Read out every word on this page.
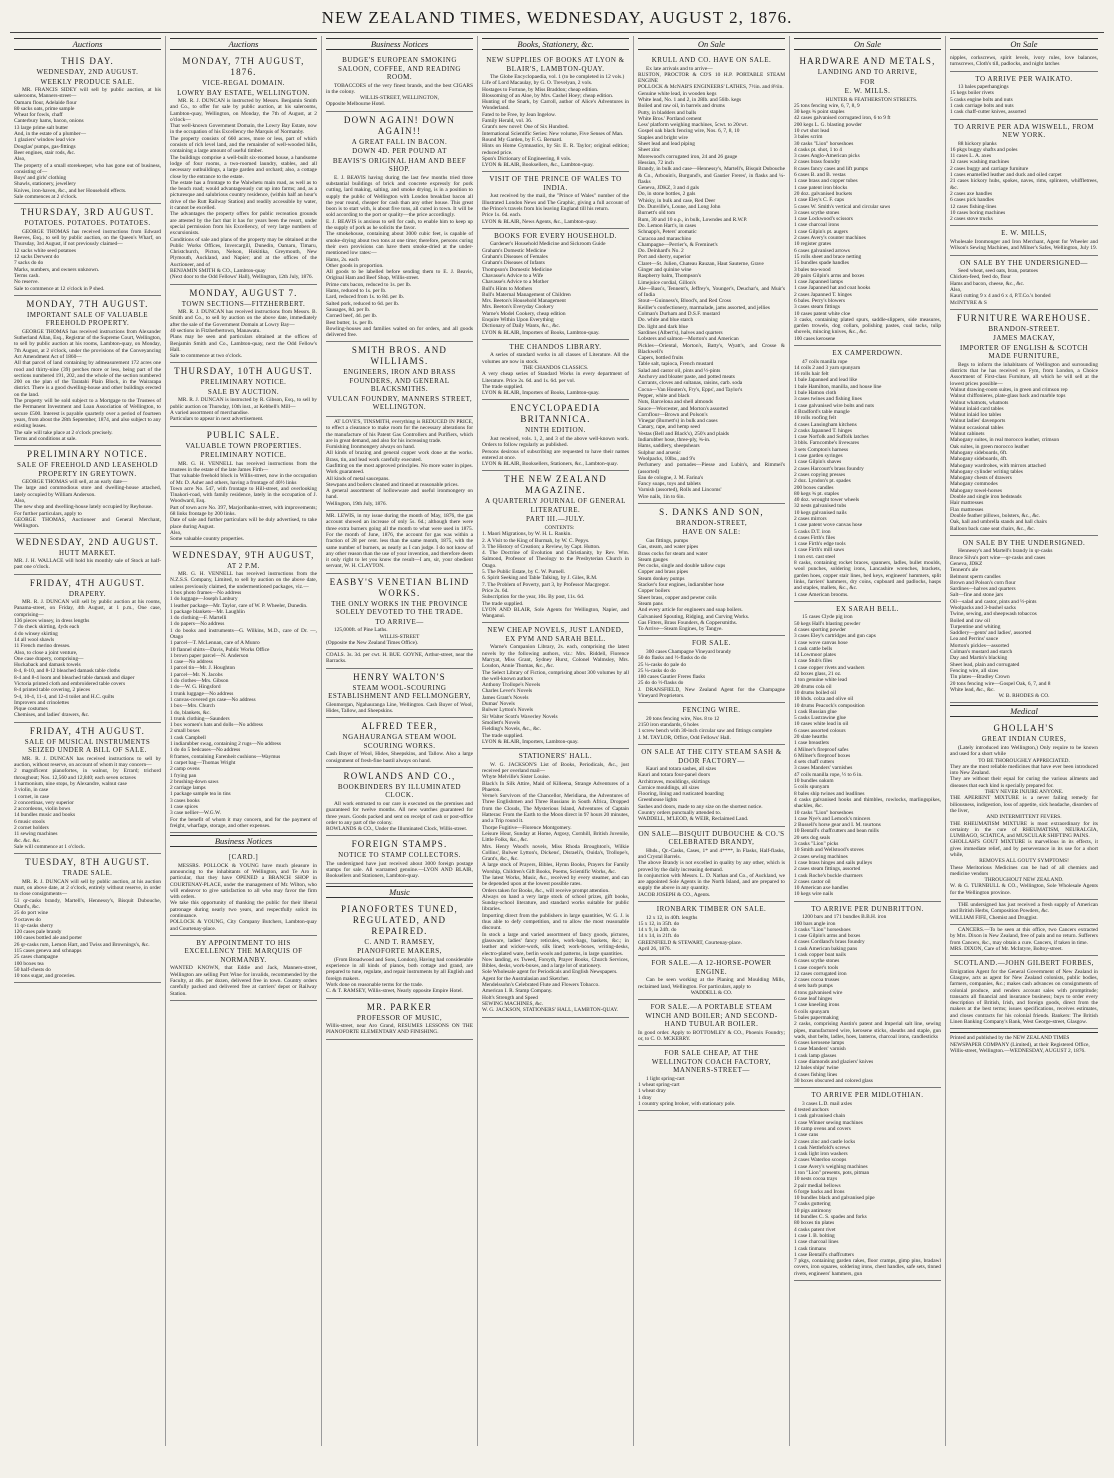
NEW ZEALAND TIMES, WEDNESDAY, AUGUST 2, 1876.
Auctions

THIS DAY.

WEDNESDAY, 2ND AUGUST.

WEEKLY PRODUCE SALE.

MR. FRANCIS SIDEY will sell by public auction, at his salerooms, Manners-street—

Oamaru flour, Adelaide flour

80 sacks oats, prime sample

Wheat for fowls, chaff

Canterbury hams, bacon, onions

13 large prime salt butter

And, in the estate of a plumber—

1 glaziers' window lead vice

Douglas' pumps, gas-fittings

Beer engines, stair rods, &c.

Also,

The property of a small storekeeper, who has gone out of business, consisting of—

Boys' and girls' clothing

Shawls, stationery, jewellery

Knives, iron-haven, &c., and her Household effects.

Sale commences at 2 o'clock.

THURSDAY, 3RD AUGUST.

POTATOES. POTATOES. POTATOES.

GEORGE THOMAS has received instructions from Edward Reeves, Esq., to sell by public auction, on the Queen's Wharf, on Thursday, 3rd August, if not previously claimed—

12 sacks white seed potatoes

12 sacks Derwent do

7 sacks do do

Marks, numbers, and owners unknown.

Terms cash.

No reserve.

Sale to commence at 12 o'clock in P shed.

MONDAY, 7TH AUGUST.

IMPORTANT SALE OF VALUABLE FREEHOLD PROPERTY.

GEORGE THOMAS has received instructions from Alexander Sutherland Allan, Esq., Registrar of the Supreme Court, Wellington, to sell by public auction at his rooms, Lambton-quay, on Monday, 7th August, at 2 o'clock, under the provisions of the Conveyancing Act Amendment Act of 1860—

All that parcel of land containing by admeasurement 172 acres one rood and thirty-nine (39) perches more or less, being part of the sections numbered 191, 202, and the whole of the section numbered 200 on the plan of the Taratahi Plain Block, in the Wairarapa district. There is a good dwelling-house and other buildings erected on the land.

The property will be sold subject to a Mortgage to the Trustees of the Permanent Investment and Loan Association of Wellington, to secure £500. Interest is payable quarterly over a period of fourteen years, from about the 28th September, 1874, and also subject to any existing leases.

The sale will take place at 2 o'clock precisely.

Terms and conditions at sale.

PRELIMINARY NOTICE.

SALE OF FREEHOLD AND LEASEHOLD PROPERTY IN GREYTOWN.

GEORGE THOMAS will sell, at an early date—

The large and commodious store and dwelling-house attached, lately occupied by William Anderson.

Also,

The new shop and dwelling-house lately occupied by Reyhouse.

For further particulars, apply to

GEORGE THOMAS, Auctioneer and General Merchant, Wellington.

WEDNESDAY, 2ND AUGUST.

HUTT MARKET.

MR. J. H. WALLACE will hold his monthly sale of Stock at half-past one o'clock.

FRIDAY, 4TH AUGUST.

DRAPERY.

MR. R. J. DUNCAN will sell by public auction at his rooms, Panama-street, on Friday, 4th August, at 1 p.m., One case, comprising—

136 pieces winsey, in dress lengths

7 do check skirting, 4yds each

4 do winsey skirting

14 all wool shawls

11 French merino dresses.

Also, to close a joint venture,

One case drapery, comprising—

Huckaback and damask towels

8-4, 8-10, and 8-12 bleached damask table cloths

8-4 and 8-4 loom and bleached table damask and diaper

Victoria printed cloth and embroidered table covers

8-4 printed table covering, 2 pieces

9-4, 10-4, 11-4, and 12-4 toilet and H.C. quilts

Improvers and crinolettes

Pique costumes

Chemises, and ladies' drawers, &c.

FRIDAY, 4TH AUGUST.

SALE OF MUSICAL INSTRUMENTS SEIZED UNDER A BILL OF SALE.

MR. R. J. DUNCAN has received instructions to sell by auction, without reserve, on account of whom it may concern—

2 magnificent pianofortes, in walnut, by Errard; trichord throughout; Nos. 12,560 and 12,840; each seven octaves

1 harmonium, nine stops, by Alexandre, walnut case

3 violin, in case

1 cornet, in case

2 concertinas, very superior

2 accordeons, violin bows

14 bundles music and books

6 music stools

2 cornet holders

11 sewing machines

&c. &c. &c.

Sale will commence at 1 o'clock.

TUESDAY, 8TH AUGUST.

TRADE SALE.

MR. R. J. DUNCAN will sell by public auction, at his auction mart, on above date, at 2 o'clock, entirely without reserve, in order to close consignments—

51 qr-casks brandy, Martell's, Hennessy's, Bisquit Dubouche, Otard's, &c.

25 do port wine

9 octaves do

11 qr-casks sherry

120 cases pale brandy

100 cases bottled ale and porter

26 qr-casks rum, Lemon Hart, and Twiss and Brownings's, &c.

115 cases geneva and schnapps

25 cases champagne

100 boxes tea

50 half-chests do

10 tons sugar, and groceries.

Auctions

MONDAY, 7TH AUGUST, 1876.

VICE-REGAL DOMAIN.

LOWRY BAY ESTATE, WELLINGTON.

MR. R. J. DUNCAN is instructed by Messrs. Benjamin Smith and Co., to offer for sale by public auction, at his salerooms, Lambton-quay, Wellington, on Monday, the 7th of August, at 2 o'clock—

That well-known Government Domain, the Lowry Bay Estate, now in the occupation of his Excellency the Marquis of Normanby.

The property consists of 660 acres, more or less, part of which consists of rich level land, and the remainder of well-wooded hills, containing a large amount of useful timber.

The buildings comprise a well-built six-roomed house, a handsome lodge of four rooms, a two-roomed laundry, stables, and all necessary outbuildings, a large garden and orchard; also, a cottage close by the entrance to the estate.

The estate has a frontage to the Waiwhetu main road, as well as to the beach road; would advantageously cut up into farms; and, as a picturesque and salubrious country residence, (within half an hour's drive of the Rutt Railway Station) and readily accessible by water, it cannot be excelled.

The advantages the property offers for public recreation grounds are attested by the fact that it has for years been the resort, under special permission from his Excellency, of very large numbers of excursionists.

Conditions of sale and plans of the property may be obtained at the Public Works Offices, Invercargill, Dunedin, Oamaru, Timaru, Christchurch, Picton, Nelson, Hokitika, Greymouth, New Plymouth, Auckland, and Napier; and at the offices of the Auctioneer, and of

BENJAMIN SMITH & CO., Lambton-quay

(Next door to the Odd Fellows' Hall), Wellington, 12th July, 1876.

MONDAY, AUGUST 7.

TOWN SECTIONS—FITZHERBERT.

MR. R. J. DUNCAN has received instructions from Messrs. B. Smith and Co., to sell by auction on the above date, immediately after the sale of the Government Domain at Lowry Bay—

40 sections in Fitzherbertown, Manawatu.

Plans may be seen and particulars obtained at the offices of Benjamin Smith and Co., Lambton-quay, next the Odd Fellow's Hall.

Sale to commence at two o'clock.

THURSDAY, 10TH AUGUST.

PRELIMINARY NOTICE.

SALE BY AUCTION.

MR. R. J. DUNCAN is instructed by R. Gibson, Esq., to sell by public auction on Thursday, 10th inst., at Kebbell's Mill—

A varied assortment of merchandise.

Particulars to appear in next advertisement.

PUBLIC SALE.

VALUABLE TOWN PROPERTIES.

PRELIMINARY NOTICE.

MR. G. H. VENNELL has received instructions from the trustees in the estate of the late James Firth—

That valuable freehold block in Willis-street, now in the occupation of Mr. D. Asher and others, having a frontage of 40½ links

Town acre No. 547, with frontage to Hill-street, and overlooking Tinakori-road, with family residence, lately in the occupation of J. Woodward, Esq.

Part of town acre No. 397, Marjoribanks-street, with improvements; 68 links frontage by 200 links.

Date of sale and further particulars will be duly advertised, to take place during August.

Also,

Some valuable country properties.

WEDNESDAY, 9TH AUGUST,

AT 2 P.M.

MR. G. H. VENNELL has received instructions from the N.Z.S.S. Company, Limited, to sell by auction on the above date, unless previously claimed, the undermentioned packages, viz.—

1 box photo frames—No address

1 do luggage—Joseph Lanbury

1 leather package—Mr. Taylor, care of W. P. Wheeler, Dunedin.

1 package blankets—Mr. Laughlin

1 do clothing—F. Martelli

1 do papers—No address

1 do books and instruments—G. Wilkins, M.D., care of Dr. —, Otago

1 parcel—T. McLennan, care of A Munro

10 flannel shirts—Davis, Public Works Office

1 brown paper parcel—N. Anderson

1 case—No address

1 parcel tin—Mr. J. Houghton

1 parcel—Mr. N. Jacobs

1 do clothes—Mrs. Gibson

1 do—W. G. Hingsford

1 trunk luggage—No address

1 canvas-covered grs case—No address

1 box—Mrs. Church

1 do, blankets, &c.

1 trunk clothing—Saunders

1 box women's hats and dolls—No address

2 small boxes

1 cask Campbell

1 indiarubber swag, containing 2 rugs—No address

1 do do 5 bedcases—No address

8 frames, containing Farenheit cushions—Waymus

1 carpet bag—Thomas Wright

2 camp ovens

1 frying pan

2 brushing-down saws

2 carriage lamps

1 package sample tea in tins

3 cases books

1 case spices

3 case nellier—W.G.W.

For the benefit of whom it may concern, and for the payment of freight, wharfage, storage, and other expenses.

Business Notices

[CARD.]

MESSRS. POLLOCK & YOUNG have much pleasure in announcing to the inhabitants of Wellington, and Te Aro in particular, that they have OPENED a BRANCH SHOP in COURTENAY-PLACE, under the management of Mr. Wilton, who will endeavor to give satisfaction to all who may favor the firm with orders.

We take this opportunity of thanking the public for their liberal patronage during nearly two years, and respectfully solicit its continuance.

POLLOCK & YOUNG, City Company Butchers, Lambton-quay and Courtenay-place.

BY APPOINTMENT TO HIS EXCELLENCY THE MARQUIS OF NORMANBY.

WANTED KNOWN, that Eddie and Jack, Manners-street, Wellington are selling Port Wine for invalids, recommended by the Faculty, at 48s. per dozen, delivered free in town. Country orders carefully packed and delivered free at carriers' depot or Railway Station.

Business Notices

BUDGE'S EUROPEAN SMOKING SALOON, COFFEE, AND READING ROOM.

TOBACCOES of the very finest brands, and the best CIGARS in the colony.

WILLIS-STREET, WELLINGTON,

Opposite Melbourne Hotel.

DOWN AGAIN! DOWN AGAIN!!

A GREAT FALL IN BACON.

DOWN 4D. PER POUND AT

BEAVIS'S ORIGINAL HAM AND BEEF SHOP.

E. J. BEAVIS having during the last few months tried three substantial buildings of brick and concrete expressly for pork cutting, lard making, salting, and smoke drying, is in a position to supply the public of Wellington with London breakfast bacon all the year round, cheaper for cash than any other house. This great boon is to start with, is about five tons, all cured in town. It will be sold according to the port or quality—the price accordingly.

E. J. BEAVIS is anxious to sell for cash, to enable him to keep up the supply of pork as he solicits the favor.

The smokehouse, containing about 3000 cubic feet, is capable of smoke-drying about two tons at one time; therefore, persons curing their own provisions can have them smoke-dried at the under-mentioned low rates:—

Hams, 2s. each

Other goods in proportion.

All goods to be labelled before sending them to E. J. Beavis, Original Ham and Beef Shop, Willis-street.

Prime cuts bacon, reduced to 1s. per lb.

Hams, reduced to 1s. per lb.

Lard, reduced from 1s. to 8d. per lb.

Salted pork, reduced to 6d. per lb.

Sausages, 8d. per lb.

Corned beef, 4d. per lb.

Best butter, 1s. per lb.

Bowling-houses and families waited on for orders, and all goods delivered free.

SMITH BROS. AND WILLIAMS.

ENGINEERS, IRON AND BRASS FOUNDERS, AND GENERAL BLACKSMITHS.

VULCAN FOUNDRY, MANNERS STREET, WELLINGTON.

AT LOVE'S, TINSMITH, everything is REDUCED IN PRICE, to effect a clearance to make room for the necessary alterations for the manufacture of his Patent Gas Controllers and Purifiers, which are in great demand, and also for his increasing trade.

Furnishing Ironmongery always on hand.

All kinds of brazing and general copper work done at the works. Brass, tin, and lead work carefully executed.

Gasfitting on the most approved principles. No more water in pipes. Work guaranteed.

All kinds of metal saucepans.

Stewpans and boilers cleaned and tinned at reasonable prices.

A general assortment of hollowware and useful ironmongery on hand.

Wellington, 19th July, 1876.

MR. LEWIS, in my issue during the month of May, 1876, the gas account showed an increase of only 5s. 6d.; although there were three extra burners going all the month to what were used in 1875. For the month of June, 1876, the account for gas was within a fraction of 28 per cent. less than the same month, 1875, with the same number of burners, as nearly as I can judge. I do not know of any other reason than the use of your invention, and therefore deem it only right to let you know the result—I am, sir, your obedient servant, W. H. CLAYTON.

EASBY'S VENETIAN BLIND WORKS.

THE ONLY WORKS IN THE PROVINCE SOLELY DEVOTED TO THE TRADE.

TO ARRIVE—

125,000ft. of Pine Laths.

WILLIS-STREET

(Opposite the New Zealand Times Office).

COALS. 3s. 3d. per cwt. H. BUE. GOYNE, Arthur-street, near the Barracks.

HENRY WALTON'S

STEAM WOOL-SCOURING ESTABLISHMENT AND FELLMONGERY,

Glenmorgan, Ngahauranga Line, Wellington. Cash Buyer of Wool, Hides, Tallow, and Sheepskins.

ALFRED TEER,

NGAHAURANGA STEAM WOOL SCOURING WORKS.

Cash Buyer of Wool, Hides, Sheepskins, and Tallow. Also a large consignment of fresh-fine bastil always on hand.

ROWLANDS AND CO.,

BOOKBINDERS BY ILLUMINATED CLOCK.

All work entrusted to our care is executed on the premises and guaranteed for twelve months. All new watches guaranteed for three years. Goods packed and sent on receipt of cash or post-office order to any part of the colony.

ROWLANDS & CO., Under the Illuminated Clock, Willis-street.

FOREIGN STAMPS.

NOTICE TO STAMP COLLECTORS.

The undersigned have just received about 3000 foreign postage stamps for sale. All warranted genuine.—LYON AND BLAIR, Booksellers and Stationers, Lambton-quay.

Music

PIANOFORTES TUNED, REGULATED, AND REPAIRED.

C. AND T. RAMSEY,

PIANOFORTE MAKERS,

(From Broadwood and Sons, London), Having had considerable experience in all kinds of pianos, both cottage and grand, are prepared to tune, regulate, and repair instruments by all English and foreign makers.

Work done on reasonable terms for the trade.

C. & T. RAMSEY, Willis-street, Nearly opposite Empire Hotel.

MR. PARKER

PROFESSOR OF MUSIC,

Willis-street, near Aro Grand, RESUMES LESSONS ON THE PIANOFORTE ELEMENTARY AND FINISHING.

Books, Stationery, &c.

NEW SUPPLIES OF BOOKS AT LYON & BLAIR'S, LAMBTON-QUAY.

The Globe Encyclopaedia, vol. 1 (to be completed in 12 vols.)

Life of Lord Macaulay, by G. O. Trevelyan, 2 vols.

Hostages to Fortune, by Miss Braddon; cheap edition.

Blossoming of an Aloe, by Mrs. Cashel Hoey; cheap edition.

Hunting of the Snark, by Carroll, author of Alice's Adventures in Wonderland.

Fated to be Free, by Jean Ingelow.

Family Herald, vol. 36.

Grant's new novel: One of Six Hundred.

International Scientific Series: New volume, Five Senses of Man.

Round My Garden, by F. G. Bernard.

Hints on Home Gymnastics, by Sir. E. R. Taylor; original edition; reduced price.

Spon's Dictionary of Engineering, 8 vols.

LYON & BLAIR, Booksellers, &c., Lambton-quay.

VISIT OF THE PRINCE OF WALES TO INDIA.

Just received by the mail, the "Prince of Wales" number of the Illustrated London News and The Graphic, giving a full account of the Prince's travels from his leaving England till his return.

Price 1s. 6d. each.

LYON & BLAIR, News Agents, &c., Lambton-quay.

BOOKS FOR EVERY HOUSEHOLD.

Gardener's Household Medicine and Sickroom Guide

Graham's Domestic Medicine

Graham's Diseases of Females

Graham's Diseases of Infants

Thompson's Domestic Medicine

Chavasse's Advice to a Wife

Chavasse's Advice to a Mother

Bull's Hints to Mothers

Bull's Maternal Management of Children

Mrs. Beeton's Household Management

Mrs. Beeton's Everyday Cookery

Warne's Model Cookery, cheap edition

Enquire Within Upon Everything

Dictionary of Daily Wants, &c., &c.

LYON & BLAIR, Importers of Books, Lambton-quay.

THE CHANDOS LIBRARY.

A series of standard works in all classes of Literature. All the volumes are now in stock.

THE CHANDOS CLASSICS.

A very cheap series of Standard Works in every department of Literature. Price 2s. 6d. and 1s. 6d. per vol.

The trade supplied.

LYON & BLAIR, Importers of Books, Lambton-quay.

ENCYCLOPAEDIA BRITANNICA.

NINTH EDITION.

Just received, vols. 1, 2, and 3 of the above well-known work. Orders to follow regularly as published.

Persons desirous of subscribing are requested to have their names entered at once.

LYON & BLAIR, Booksellers, Stationers, &c., Lambton-quay.

THE NEW ZEALAND MAGAZINE.

A QUARTERLY JOURNAL OF GENERAL LITERATURE.

PART III.—JULY.

CONTENTS:

1. Maori Migrations, by W. H. L. Rankin.

2. A Visit to the King of Burmah, by W. C. Pepys.

3. The History of Creation; a Review, by Capt. Hutton.

4. The Doctrine of Evolution and Christianity, by Rev. Wm. Salmond, Professor of Theology to the Presbyterian Church in Otago.

5. The Public Estate, by C. W. Purnell.

6. Spirit Seeking and Table Talking, by J. Giles, R.M.

7. The Problem of Poverty, part 3, by Professor Macgregor.

Price 2s. 6d.

Subscription for the year, 10s. By post, 11s. 6d.

The trade supplied.

LYON AND BLAIR, Sole Agents for Wellington, Napier, and Wanganui.

NEW CHEAP NOVELS, JUST LANDED, EX PYM AND SARAH BELL.

Warne's Companion Library, 2s. each, comprising the latest novels by the following authors, viz.: Mrs. Riddell, Florence Marryat, Miss Grant, Sydney Hurst, Colonel Walmsley, Mrs. Loudon, Annie Thomas, &c., &c.

The Select Library of Fiction, comprising about 300 volumes by all the well-known authors

Anthony Trollope's Novels

Charles Lever's Novels

James Grant's Novels

Dumas' Novels

Bulwer Lytton's Novels

Sir Walter Scott's Waverley Novels

Smollett's Novels

Fielding's Novels, &c., &c.

The trade supplied.

LYON & BLAIR, Importers, Lambton-quay.

STATIONERS' HALL.

W. G. JACKSON'S List of Books, Periodicals, &c., just received per overland mail—

Whyte Melville's Sister Louise.

Black's In Silk Attire, Maid of Killeena, Strange Adventures of a Phaeton.

Verne's Survivors of the Chancellor, Meridiana, the Adventures of Three Englishmen and Three Russians in South Africa, Dropped from the Clouds, The Mysterious Island, Adventures of Captain Hatteras: From the Earth to the Moon direct in 97 hours 20 minutes, and a Trip round it.

Thorpe Fugitive—Florence Montgomery.

Leisure Hour, Sunday at Home, Argosy, Cornhill, British Juvenile, Little Folks, &c., &c.

Mrs. Henry Wood's novels, Miss Rhoda Broughton's, Wilkie Collins', Bulwer Lytton's, Dickens', Disraeli's, Ouida's, Trollope's, Grant's, &c., &c.

A large stock of Prayers, Bibles, Hymn Books, Prayers for Family Worship, Children's Gift Books, Poems, Scientific Works, &c.

The latest Works, Music, &c., received by every steamer, and can be depended upon at the lowest possible rates.

Orders taken for Books, &c., will receive prompt attention.

Always on hand a very large stock of school prizes, gift books, Sunday-school literature, and standard works suitable for public libraries.

Importing direct from the publishers in large quantities, W. G. J. is thus able to defy competition, and to allow the most reasonable discount.

In stock a large and varied assortment of fancy goods, pictures, glassware, ladies' fancy reticules, work-bags, baskets, &c.; in leather and wicker-work, silk lined; work-boxes, writing-desks, electro-plated ware, berlin wools and patterns, in large quantities.

Now landing, ex Tweed, Forsyth, Prayer Books, Church Services, Bibles, desks, work-boxes, and a large lot of stationery.

Sole Wholesale agent for Periodicals and English Newspapers.

Agent for the Australasian and Sketcher.

Mendelssohn's Celebrated Flute and Flowers Tobacco.

American I. R. Stamp Company.

Holt's Strength and Speed

SEWING MACHINES, &c.

W. G. JACKSON, STATIONERS' HALL, LAMBTON-QUAY.

On Sale

KRULL AND CO. HAVE ON SALE.

Ex late arrivals and to arrive—

RUSTON, PROCTOR & CO'S 10 H.P. PORTABLE STEAM ENGINE

POLLOCK & McNAB'S ENGINEERS' LATHES, 7½in. and 8½in.

Genuine white lead, in wooden kegs

White lead, No. 1 and 2, in 28lb. and 56lb. kegs

Boiled and raw oil, in barrels and drums

Putty, in bladders and balls

White Bros.' Portland cement

Less' platform weighing machines, 5cwt. to 20cwt.

Gospel oak black fencing wire, Nos. 6, 7, 8, 10

Staples and bright wire

Sheet lead and lead piping

Sheet zinc

Morewood's corrugated iron, 24 and 26 gauge

Hessian, 72 inch

Brandy, in bulk and case—Hennessy's, Martell's, Bisquit Dubouche & Co., Arbouin's, Burgund's, and Gautier Freres', in flasks and ¼-flasks

Geneva, JDKZ, 3 and 4 gals

Do, in stone bottles, 2 gals

Whisky, in bulk and case, Red Deer

Do. Dunville's, Loune, and Long John

Burnett's old tom

Rum, 30 and 10 o.p., in bulk, Lowndes and R.W.P.

Do. Lemon Hart's, in cases

Schnapp's, Peters' aromatic

Curacoa and maraschino

Champagne—Perrier's, & Freminet's

Do. Deinhard's No. 2

Port and sherry, superior

Claret—St. Julien, Chateau Rauzan, Haut Sauterne, Grave

Ginger and quinine wine

Raspberry balm, Thompson's

Limejuice cordial, Gillon's

Ale—Bass's, Tennent's, Jeffrey's, Younger's, Deuchar's, and Muir's of India

Stout—Guinness's, Blood's, and Red Cross

Keiller's confectionery, marmalade, jams assorted, and jellies

Colman's Durham and D.S.F. mustard

Do. white and blue starch

Do. light and dark blue

Sardines (Albert's), halves and quarters

Lobsters and salmon—Morton's and American

Pickles—Oriental, Morton's, Batty's, Wyatt's, and Crosse & Blackwell's

Capers, bottled fruits

Table salt, tapioca, French mustard

Salad and castor oil, pints and ½-pints

Anchovy and bloater paste, and potted meats

Currants, cloves and sultanas, raisins, carb. soda

Cocoa—Van Houten's, Fry's, Epps', and Taylor's

Pepper, white and black

Nuts, Barcelona and shell almonds

Sauce—Worcester, and Morton's assorted

Cornflour—Brown and Polson's

Vinegar (Burnett's) in bulk and cases

Canary, rape, and hemp seed

Vestas (Bell and Black's), 250's and plaids

Indiarubber hose, three-ply, ¾-in.

Hams, saddlery, sheepshears

Sulphur and arsenic

Woolpacks, 10lbs., and 9's

Perfumery and pomades—Piesse and Lubin's, and Rimmel's (assorted)

Eau de cologne, J. M. Farina's

Fancy soaps, toys and tablets

Varnish (assorted), Rolls and Lincoms'

Wire nails, 1in to 6in.

S. DANKS AND SON,

BRANDON-STREET,

HAVE ON SALE:

Gas fittings, pumps

Gas, steam, and water pipes

Brass cocks for steam and water

Steam gauges

Pet cocks, single and double tallow cups

Copper and brass pipes

Steam donkey pumps

Stacker's four engines, indiarubber hose

Copper boilers

Sheet brass, copper and pewter coils

Steam pans

And every article for engineers and soap boilers.

Galvanised Spouting, Ridging, and Curving Works.

Gas Fitters, Brass Founders, & Coppersmiths.

To Arrive—Steam Engines, by Tangye.

FOR SALE.

300 cases Champagne Vineyard brandy

50 do flasks and ½-flasks do do

25 ¼-casks do pale do

25 ¼-casks do do

180 cases Gautier Freres flasks

25 do do ½-flasks do

J. DRANSFIELD, New Zealand Agent for the Champagne Vineyard Proprietors.

FENCING WIRE.

20 tons fencing wire, Nos. 8 to 12

2150 iron standards, 6 holes

1 screw bench with 30-inch circular saw and fittings complete

J. M. TAYLOR, Office, Odd Fellows' Hall.

ON SALE AT THE CITY STEAM SASH & DOOR FACTORY—

Kauri and totara sashes, all sizes

Kauri and totara four-panel doors

Architraves, mouldings, skirtings

Cornice mouldings, all sizes

Flooring, lining and rusticated boarding

Greenhouse lights

Sashes and doors, made to any size on the shortest notice.

Country orders punctually attended to.

WADDELL, M'LEOD, & WEIR, Reclaimed Land.

ON SALE—BISQUIT DUBOUCHE & CO.'S CELEBRATED BRANDY,

Hhds., Qr.-Casks, Cases, 1* and 4****, In Flasks, Half-flasks, and Crystal Barrels.

The above Brandy is not excelled in quality by any other, which is proved by the daily increasing demand.

In conjunction with Messrs. L. D. Nathan and Co., of Auckland, we are appointed Sole Agents in the North Island, and are prepared to supply the above in any quantity.

JACOB JOSEPH & CO., Agents.

IRONBARK TIMBER ON SALE.

12 x 12, in 40ft. lengths

15 x 12, in 35ft. do

14 x 9, in 24ft. do

14 x 14, in 21ft. do

GREENFIELD & STEWART, Courtenay-place.

April 26, 1876.

FOR SALE.—A 12-HORSE-POWER ENGINE.

Can be seen working at the Planing and Moulding Mills, reclaimed land, Wellington. For particulars, apply to

WADDELL & CO.

FOR SALE.—A PORTABLE STEAM WINCH AND BOILER; AND SECOND-HAND TUBULAR BOILER.

In good order. Apply to BOTTOMLEY & CO., Phoenix Foundry; or, to C. O. MCKERRY.

FOR SALE CHEAP, AT THE WELLINGTON COACH FACTORY, MANNERS-STREET—

1 light spring-cart

1 wheat spring-cart

1 wheat dray

1 dray

1 country spring broker, with stationary pole.

On Sale

HARDWARE AND METALS,

LANDING AND TO ARRIVE,

FOR

E. W. MILLS.

HUNTER & FEATHERSTON STREETS.

25 tons fencing wire, 6, 7, 8, 9

30 kegs ¾ point staples

42 cases galvanised corrugated iron, 6 to 9 ft

200 kegs L. G. blasting powder

10 cwt shot lead

3 bales scrim

30 casks "Lion" horseshoes

4 casks pt. shot, 1 to 4

3 cases Anglo-American picks

2 cases brass foundry

8 cases fancy cases and lift pumps

6 cases B. and B. vestas

1 case brass and copper tubes

1 case patent iron blocks

20 doz. galvanised buckets

1 case Eley's C. F. caps

5 cases W. Smith's vertical and circular saws

3 cases scythe stones

1 case Lockwood's scissors

1 case charcoal irons

1 case Gilpin's pt. augers

2 cases Avery's counter machines

10 register grates

6 cases galvanised arrows

15 rolls sheet and brace netting

15 bundles spade handles

3 bales tea-wood

20 pairs Gilpin's arms and boxes

1 case Japanned lamps

1 case Japanned hat and coat hooks

2 cases Japanned T. hinges

6 bales. Perry's blowers

3 cases steam fittings

10 cases patent white cloe

3 casks, containing plated spurs, saddle-slippers, side measures, garden trowels, dog collars, polishing pastes, coal tacks, tulip shovels, mincing knives, &c., &c.

100 cases kerosene

EX CAMPERDOWN.

47 coils manilla rope

14 coils 2 and 3 yarn spunyarn

16 rolls hair felt

1 bale Japanned and lead like

1 bale Hamilton, manilla, and house line

1 bale Hamon cloth

3 cases twines and fishing lines

1 case galvanised wire bolts and nuts

4 Bradford's table mangle

10 rolls roofing felt

4 cases Lansingham kitchens

2 casks Japanned T. hinges

1 case Norfolk and Suffolk latches

3 bbls. Farncombe's livewares

3 sets Compton's harness

1 case garden syringes

1 case Gilpin's shaves

2 cases Harcourt's brass foundry

2 cases copying presses

2 doz. Lyndon's pt. spades

200 boxes candles

80 kegs ¾ pt. staples

40 doz. wrought tower wheels

32 nests galvanised tubs

10 kegs galvanised nails

2 cases mirrors

1 case patent wove canvas hose

5 casks D.T. iron

4 cases Firth's files

1 case Firth's edge tools

1 case Firth's mill saws

1 ton ext. cast steel

8 casks, containing rocket braces, spanners, ladles, bullet moulds, wool punches, soldering irons, Lancashire wrenches, brackets, garden hoes, copper stair lines, bed keys, engineers' hammers, split links, farriers' hammers, dry coins, cupboard and padlocks, hasps and staples, mallets, &c., &c.

1 case American brooms.

EX SARAH BELL.

15 cases Clyde pig iron

50 kegs Hall's blasting powder

4 cases sporting powder

3 cases Eley's cartridges and gun caps

1 case wove canvas hose

1 cask cattle bells

14 Lowmoor plates

1 case Stub's files

1 case copper rivets and washers

42 boxes glass, 21 oz.

1 ton genuine white lead

20 drums cola oil

10 drums boiled oil

10 hhds. colza and olive oil

10 drums Peacock's composition

1 cask Russian glue

5 casks Lustrawine glue

10 cases white lead in oil

6 cases assorted colours

20 slate hearths

1 case breastlets

4 Milner's fireproof safes

6 Milner's fireproof boxes

4 sets chaff cutters

3 cases Manders' varnishes

47 coils manilla rope, ½ to 6 in.

10 bundles oakum

5 coils spunyarn

8 bales ship twines and leadlines

4 casks galvanised hooks and thimbles, rowlocks, marlingspikes, shackles, &c.

10 casks "Lion" horseshoes

1 case Nye's and Lemock's mincers

2 Bussell's horse gear and I. M. tourtons

10 Bentall's chaffcutters and bean mills

20 sets dog seals

3 casks "Lion" picks

10 Smith and Wellstood's stoves

2 cases sewing machines

1 case brass hinges and sails pulleys

2 cases steam fittings, assorted

1 cask Roche's buckle charmers

2 cases castor oil

10 American axe handles

10 kegs wire nails

TO ARRIVE PER DUNBRITTON.

1200 bars and 171 bundles B.B.H. iron

100 bars angle iron

3 casks "Lion" horseshoes

1 case Gilpin's arms and boxes

4 cases Cordland's brass foundry

1 cask American baking pans

1 cask copper boat nails

6 cases scythe stones

1 case cooper's tools

12 cases corrugated iron

2 cases cocoa trusses

4 sets barb pumps

4 tons galvanised wire

6 case leaf hinges

1 case kneeling irons

6 coils spunyarn

5 bales papermaking

2 casks, comprising Austin's patent and Imperial salt line, sewing pipes, manufactured wire, kerosene sticks, sheaths and staple, gun wads, shot belts, ladles, hoes, lanterns, charcoal irons, candlesticks

6 cases kerosene lamps

1 case Manders' varnish

1 cask lamp glasses

1 case diamonds and glaziers' knives

12 bales ships' twine

4 cases fishing lines

30 boxes obscured and colored glass

TO ARRIVE PER MIDLOTHIAN.

3 cases L.D. mail axles

4 tested anchors

1 cask galvanised chain

1 case Winner sewing machines

10 camp ovens and covers

1 case cans

2 cases zinc and castle locks

1 cask Nettlefold's screws

1 cask light iron washers

2 cases Waterloo scoops

1 case Avery's weighing machines

1 ton "Lion" presents, pots, pitman

10 nests cocoa trays

2 pair medial bellows

6 forge backs and Irons

10 bundles black and galvanised pipe

7 casks guttering

10 pigs antimony

14 bundles C. S. spades and forks

80 boxes tin plates

4 casks patent rivet

1 case I. B. bolting

1 case charcoal lines

1 cask tinmans

1 case Bentall's chaffcutters

7 pkgs, containing garden rakes, floor cramps, gimp pins, bradawl covers, iron squares, soldering irons, chest handles, safe sets, tinned rivets, engineers' hammers, gun

On Sale

nipples, corkscrews, spirit levels, ivory rules, love balances, turnscrews, Cloth's till, padlocks, and night latches

TO ARRIVE PER WAIKATO.

13 bales paperhangings

15 kegs boiler rivets

5 casks engine bolts and nuts

1 cask carriage bolts and nuts

1 cask chaff-cutter knives, assorted

TO ARRIVE PER ADA WISWELL, FROM NEW YORK.

88 hickory planks

16 pkgs buggy shafts and poles

11 cases L. A. axes

12 cases washing machines

2 cases buggy and carriage furniture

1 cases enamelled leather and duck and oiled carpet

21 cases hickory hubs, spokes, naves, rims, splinters, whiffletrees, &c.

2 cases axe handles

6 cases pick handles

12 cases fishing-lines

10 cases boring machines

2 cases stove trucks

E. W. MILLS,

Wholesale Ironmonger and Iron Merchant, Agent for Wheeler and Wilson's Sewing Machines, and Milner's Safes, Wellington, July 19.

ON SALE BY THE UNDERSIGNED—

Seed wheat, seed oats, bran, potatoes

Chicken-feed, feed do, flour

Hams and bacon, cheese, &c., &c.

Also,

Kauri cutting 9 x 4 and 6 x 4, P.T.Co.'s bonded

McINTYRE & S

FURNITURE WAREHOUSE.

BRANDON-STREET.

JAMES MACKAY,

IMPORTER OF ENGLISH & SCOTCH MADE FURNITURE,

Begs to inform the inhabitants of Wellington and surrounding districts that he has received ex Fym, from London, a Choice Assortment of First-class Furniture, all which he will sell at the lowest prices possible—

Walnut drawing-room suites, in green and crimson rep

Walnut chiffonieres, plate-glass back and marble tops

Walnut whatnots, whatnots

Walnut inlaid card tables

Walnut inlaid loo tables

Walnut ladies' davenports

Walnut occasional tables

Walnut cabinets

Mahogany suites, in real morocco leather, crimson

Oak suites, in green morocco leather

Mahogany sideboards, 6ft.

Mahogany sideboards, 4ft.

Mahogany wardrobes, with mirrors attached

Mahogany cylinder writing tables

Mahogany chests of drawers

Mahogany commodes

Mahogany towel-horses

Double and single iron bedsteads

Hair mattresses

Flax mattresses

Double feather pillows, bolsters, &c., &c.

Oak, hall and umbrella stands and hall chairs

Balloon back cane seat chairs, &c., &c.

ON SALE BY THE UNDERSIGNED.

Hennessy's and Martell's brandy in qr-casks

Bruce Silva's port wine—qr-casks and cases

Geneva, JDKZ

Tennent's ale

Belmont sperm candles

Brown and Polson's corn flour

Sardines—halves and quarters

Salt—fine and stone jars

Oil—salad and castor, pints and ½-pints

Woolpacks and 3-bushel sacks

Twine, sewing, and sheepwash tobaccos

Boiled and raw oil

Turpentine and whiting

Saddlery—gents' and ladies', assorted

Lea and Perrins' sauce

Morton's pickles—assorted

Colman's mustard and starch

Day and Martin's blacking

Sheet lead, plain and corrugated

Fencing wire, all sizes

Tin plates—Bradley Crown

20 tons fencing wire—Gospel Oak, 6, 7, and 8

White lead, &c., &c.

W. B. RHODES & CO.

Medical

GHOLLAH'S

GREAT INDIAN CURES,

(Lately introduced into Wellington,) Only require to be known and used for a short while

TO BE THOROUGHLY APPRECIATED.

They are the most reliable medicines that have ever been introduced into New Zealand.

They are without their equal for curing the various ailments and diseases that each kind is specially prepared for.

THEY NEVER INJURE ANYONE.

THE APERIENT MIXTURE is a never failing remedy for biliousness, indigestion, loss of appetite, sick headache, disorders of the liver,

AND INTERMITTENT FEVERS.

THE RHEUMATISM MIXTURE is most extraordinary for its certainty in the cure of RHEUMATISM, NEURALGIA, LUMBAGO, SCIATICA, and MUSCULAR SHIFTING PAINS.

GHOLLAH'S GOUT MIXTURE is marvellous in its effects, it gives immediate relief, and by perseverance in its use for a short while,

REMOVES ALL GOUTY SYMPTOMS!

These Meritorious Medicines can be had of all chemists and medicine vendors

THROUGHOUT NEW ZEALAND.

W. & G. TURNBULL & CO., Wellington, Sole Wholesale Agents for the Wellington province.

THE undersigned has just received a fresh supply of American and British Herbs, Composition Powders, &c.

WILLIAM FIFE, Chemist and Druggist.

CANCERS.—To be seen at this office, two Cancers extracted by Mrs. Dixon in New Zealand, free of pain and no return. Sufferers from Cancers, &c., may obtain a cure. Cancers, if taken in time.

MRS. DIXON, Care of Mr. McIntyre, Boltoy-street.

SCOTLAND.—JOHN GILBERT FORBES,

Emigration Agent for the General Government of New Zealand in Glasgow, acts as agent for New Zealand colonists, public bodies, farmers, companies, &c.; makes cash advances on consignments of colonial produce, and renders account sales with promptitude; transacts all financial and insurance business; buys to order every description of British, Irish, and foreign goods, direct from the makers at the best terms; issues specifications, receives estimates, and closes contracts for his colonial friends. Bankers: The British Linen Banking Company's Bank, West George-street, Glasgow.

Printed and published by the NEW ZEALAND TIMES NEWSPAPER COMPANY (Limited), at their Registered Office, Willis-street, Wellington.—WEDNESDAY, AUGUST 2, 1876.
